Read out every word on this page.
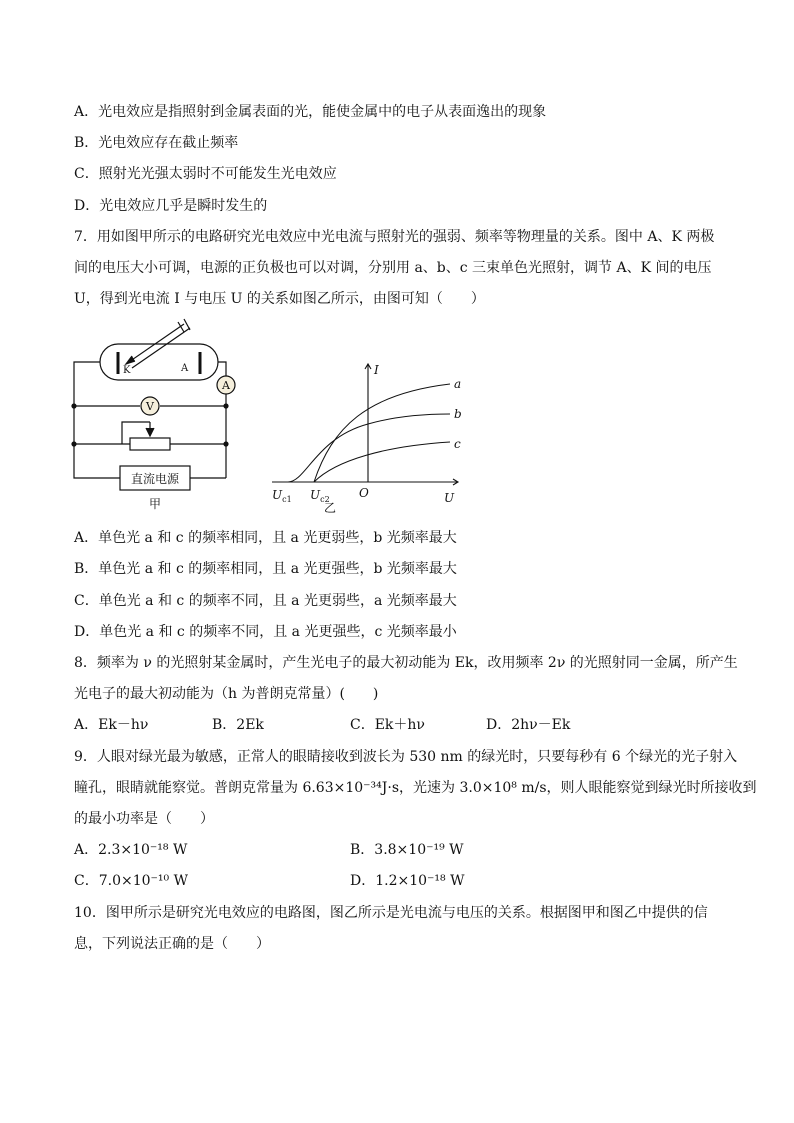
A．光电效应是指照射到金属表面的光，能使金属中的电子从表面逸出的现象
B．光电效应存在截止频率
C．照射光光强太弱时不可能发生光电效应
D．光电效应几乎是瞬时发生的
7．用如图甲所示的电路研究光电效应中光电流与照射光的强弱、频率等物理量的关系。图中 A、K 两极
间的电压大小可调，电源的正负极也可以对调，分别用 a、b、c 三束单色光照射，调节 A、K 间的电压
U，得到光电流 I 与电压 U 的关系如图乙所示，由图可知（　　）
K	A
A
V
直流电源
甲
I
U
O
a
b
c
$U_{c1}$ $U_{c2}$
乙
A．单色光 a 和 c 的频率相同，且 a 光更弱些，b 光频率最大
B．单色光 a 和 c 的频率相同，且 a 光更强些，b 光频率最大
C．单色光 a 和 c 的频率不同，且 a 光更弱些，a 光频率最大
D．单色光 a 和 c 的频率不同，且 a 光更强些，c 光频率最小
8．频率为 ν 的光照射某金属时，产生光电子的最大初动能为 Ek，改用频率 2ν 的光照射同一金属，所产生
光电子的最大初动能为（h 为普朗克常量）(　　)
A．Ek－hν	B．2Ek	C．Ek＋hν	D．2hν－Ek
9．人眼对绿光最为敏感，正常人的眼睛接收到波长为 530 nm 的绿光时，只要每秒有 6 个绿光的光子射入
瞳孔，眼睛就能察觉。普朗克常量为 6.63×10⁻³⁴J·s，光速为 3.0×10⁸ m/s，则人眼能察觉到绿光时所接收到
的最小功率是（　　）
A．2.3×10⁻¹⁸ W	B．3.8×10⁻¹⁹ W
C．7.0×10⁻¹⁰ W	D．1.2×10⁻¹⁸ W
10．图甲所示是研究光电效应的电路图，图乙所示是光电流与电压的关系。根据图甲和图乙中提供的信
息，下列说法正确的是（　　）
